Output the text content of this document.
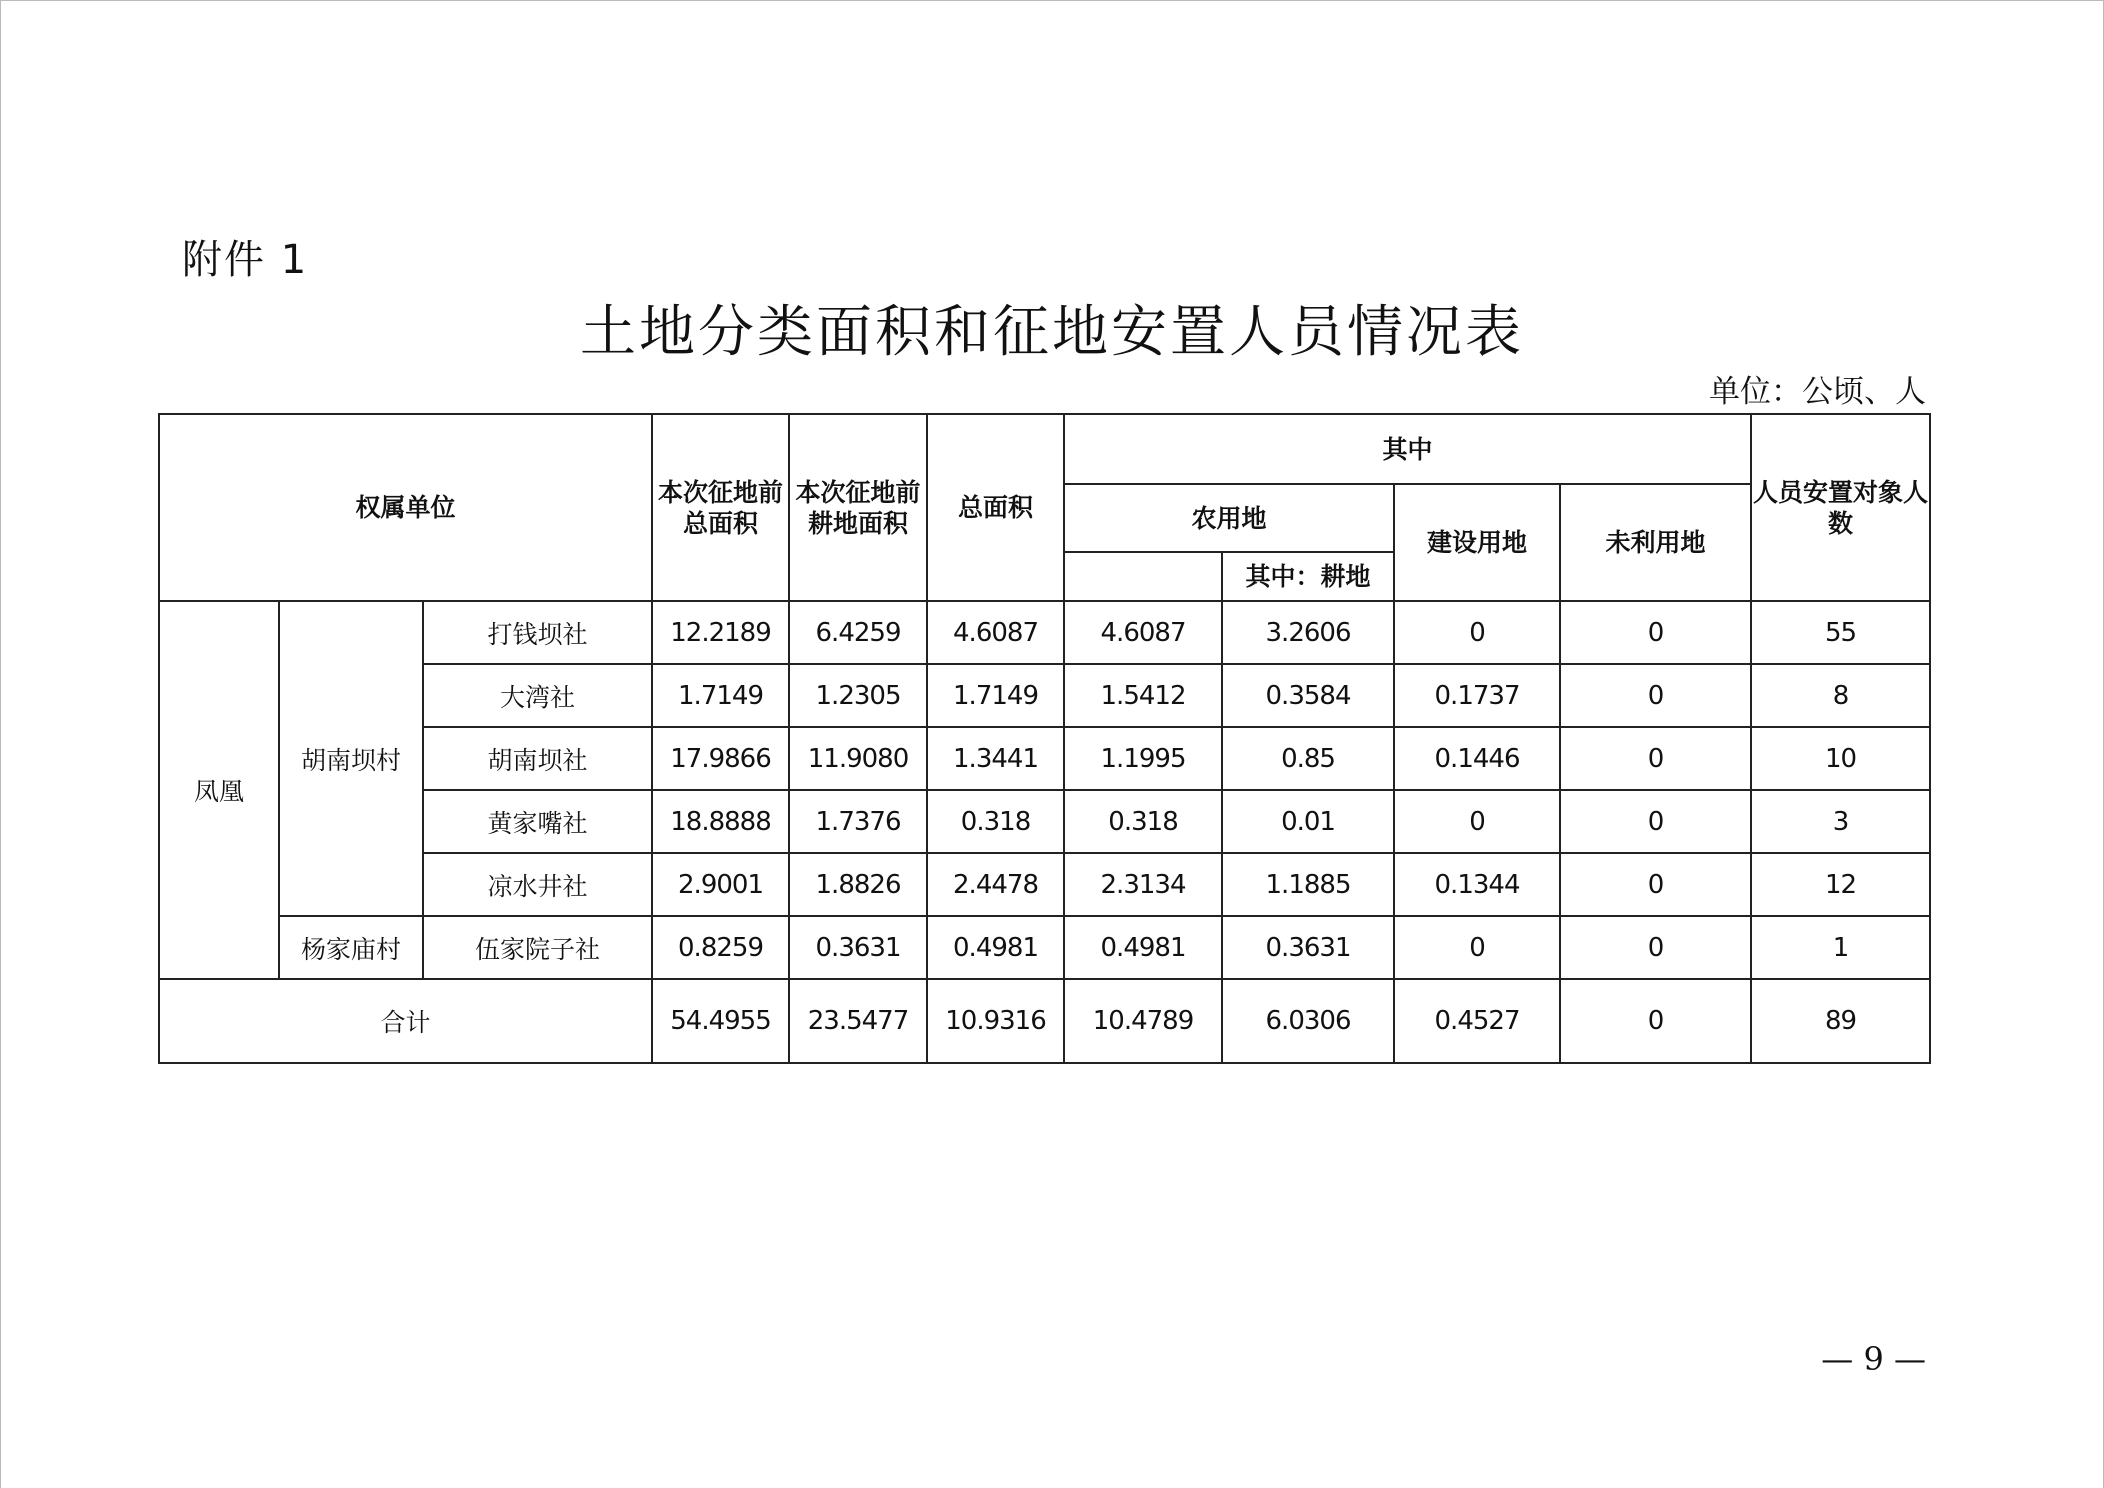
附件 1
土地分类面积和征地安置人员情况表
单位：公顷、人
权属单位			本次征地前总面积	本次征地前耕地面积	总面积	其中				人员安置对象人数
						农用地		建设用地	未利用地	
							其中：耕地			
凤凰	胡南坝村	打钱坝社	12.2189	6.4259	4.6087	4.6087	3.2606	0	0	55
		大湾社	1.7149	1.2305	1.7149	1.5412	0.3584	0.1737	0	8
		胡南坝社	17.9866	11.9080	1.3441	1.1995	0.85	0.1446	0	10
		黄家嘴社	18.8888	1.7376	0.318	0.318	0.01	0	0	3
		凉水井社	2.9001	1.8826	2.4478	2.3134	1.1885	0.1344	0	12
	杨家庙村	伍家院子社	0.8259	0.3631	0.4981	0.4981	0.3631	0	0	1
合计			54.4955	23.5477	10.9316	10.4789	6.0306	0.4527	0	89
— 9 —
